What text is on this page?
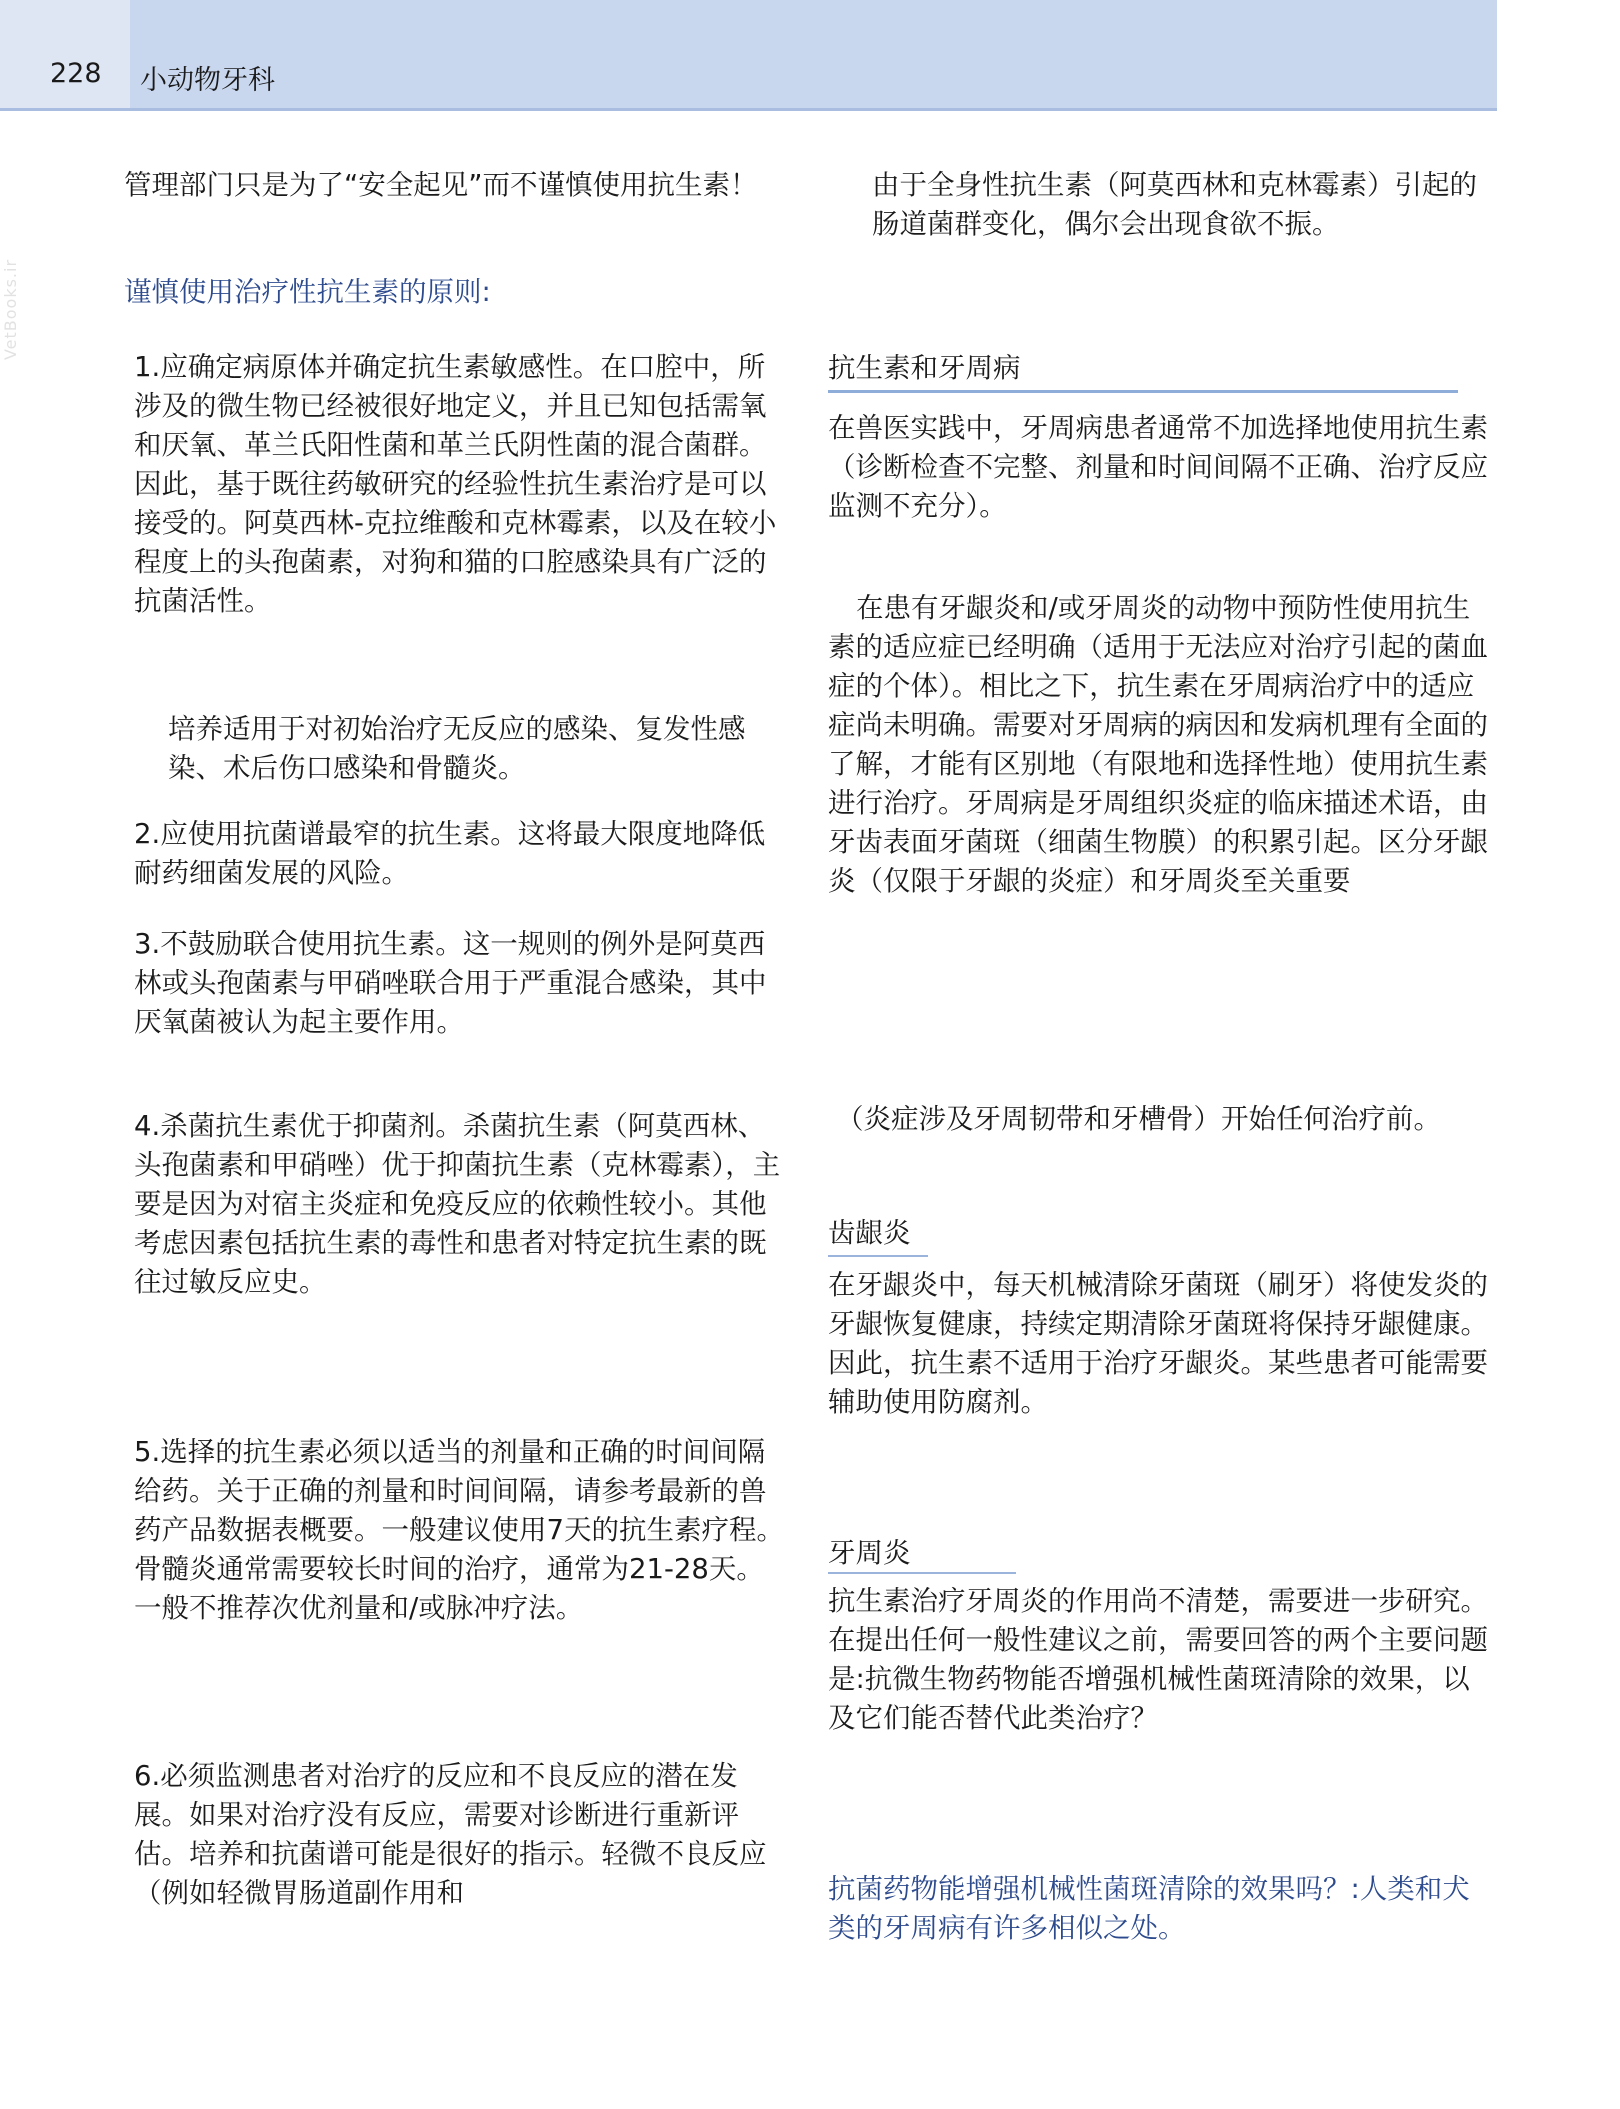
228 小动物牙科
VetBooks.ir

管理部门只是为了“安全起见”而不谨慎使用抗生素！

谨慎使用治疗性抗生素的原则:

1.应确定病原体并确定抗生素敏感性。在口腔中，所涉及的微生物已经被很好地定义，并且已知包括需氧和厌氧、革兰氏阳性菌和革兰氏阴性菌的混合菌群。因此，基于既往药敏研究的经验性抗生素治疗是可以接受的。阿莫西林-克拉维酸和克林霉素，以及在较小程度上的头孢菌素，对狗和猫的口腔感染具有广泛的抗菌活性。

培养适用于对初始治疗无反应的感染、复发性感染、术后伤口感染和骨髓炎。

2.应使用抗菌谱最窄的抗生素。这将最大限度地降低耐药细菌发展的风险。

3.不鼓励联合使用抗生素。这一规则的例外是阿莫西林或头孢菌素与甲硝唑联合用于严重混合感染，其中厌氧菌被认为起主要作用。

4.杀菌抗生素优于抑菌剂。杀菌抗生素（阿莫西林、头孢菌素和甲硝唑）优于抑菌抗生素（克林霉素），主要是因为对宿主炎症和免疫反应的依赖性较小。其他考虑因素包括抗生素的毒性和患者对特定抗生素的既往过敏反应史。

5.选择的抗生素必须以适当的剂量和正确的时间间隔给药。关于正确的剂量和时间间隔，请参考最新的兽药产品数据表概要。一般建议使用7天的抗生素疗程。骨髓炎通常需要较长时间的治疗，通常为21-28天。一般不推荐次优剂量和/或脉冲疗法。

6.必须监测患者对治疗的反应和不良反应的潜在发展。如果对治疗没有反应，需要对诊断进行重新评估。培养和抗菌谱可能是很好的指示。轻微不良反应（例如轻微胃肠道副作用和

由于全身性抗生素（阿莫西林和克林霉素）引起的肠道菌群变化，偶尔会出现食欲不振。

抗生素和牙周病

在兽医实践中，牙周病患者通常不加选择地使用抗生素（诊断检查不完整、剂量和时间间隔不正确、治疗反应监测不充分）。

在患有牙龈炎和/或牙周炎的动物中预防性使用抗生素的适应症已经明确（适用于无法应对治疗引起的菌血症的个体）。相比之下，抗生素在牙周病治疗中的适应症尚未明确。需要对牙周病的病因和发病机理有全面的了解，才能有区别地（有限地和选择性地）使用抗生素进行治疗。牙周病是牙周组织炎症的临床描述术语，由牙齿表面牙菌斑（细菌生物膜）的积累引起。区分牙龈炎（仅限于牙龈的炎症）和牙周炎至关重要

（炎症涉及牙周韧带和牙槽骨）开始任何治疗前。

齿龈炎

在牙龈炎中，每天机械清除牙菌斑（刷牙）将使发炎的牙龈恢复健康，持续定期清除牙菌斑将保持牙龈健康。因此，抗生素不适用于治疗牙龈炎。某些患者可能需要辅助使用防腐剂。

牙周炎

抗生素治疗牙周炎的作用尚不清楚，需要进一步研究。在提出任何一般性建议之前，需要回答的两个主要问题是:抗微生物药物能否增强机械性菌斑清除的效果，以及它们能否替代此类治疗？

抗菌药物能增强机械性菌斑清除的效果吗？:人类和犬类的牙周病有许多相似之处。
